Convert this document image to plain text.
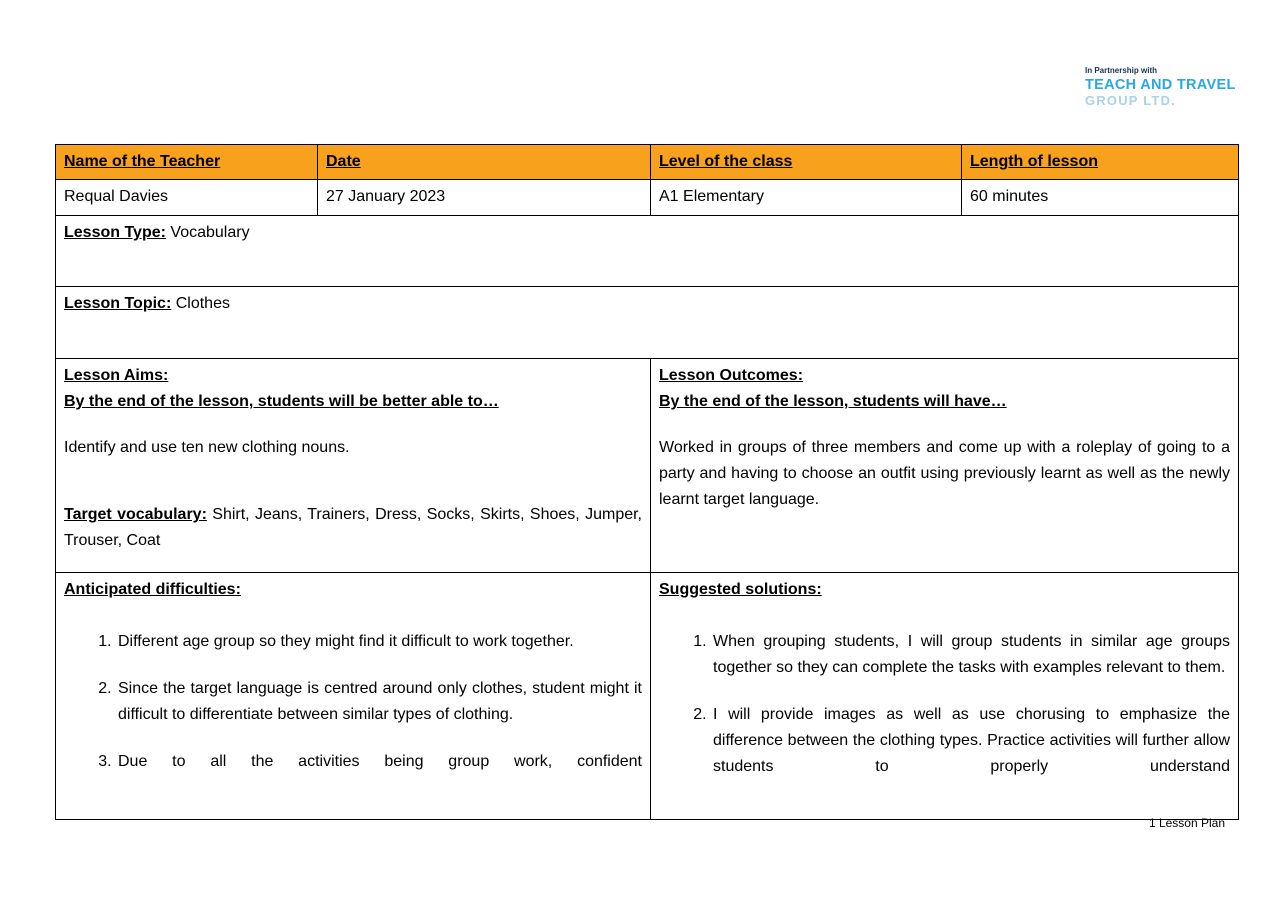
In Partnership with
TEACH AND TRAVEL
GROUP LTD.
Name of the Teacher	Date	Level of the class	Length of lesson
Requal Davies	27 January 2023	A1 Elementary	60 minutes
Lesson Type: Vocabulary			
Lesson Topic: Clothes			

Lesson Aims:
By the end of the lesson, students will be better able to…
Identify and use ten new clothing nouns.

Target vocabulary: Shirt, Jeans, Trainers, Dress, Socks, Skirts, Shoes, Jumper, Trouser, Coat

Lesson Outcomes:
By the end of the lesson, students will have…
Worked in groups of three members and come up with a roleplay of going to a party and having to choose an outfit using previously learnt as well as the newly learnt target language.

Anticipated difficulties:
1. Different age group so they might find it difficult to work together.
2. Since the target language is centred around only clothes, student might it difficult to differentiate between similar types of clothing.
3. Due to all the activities being group work, confident

Suggested solutions:
1. When grouping students, I will group students in similar age groups together so they can complete the tasks with examples relevant to them.
2. I will provide images as well as use chorusing to emphasize the difference between the clothing types. Practice activities will further allow students to properly understand
1 Lesson Plan
